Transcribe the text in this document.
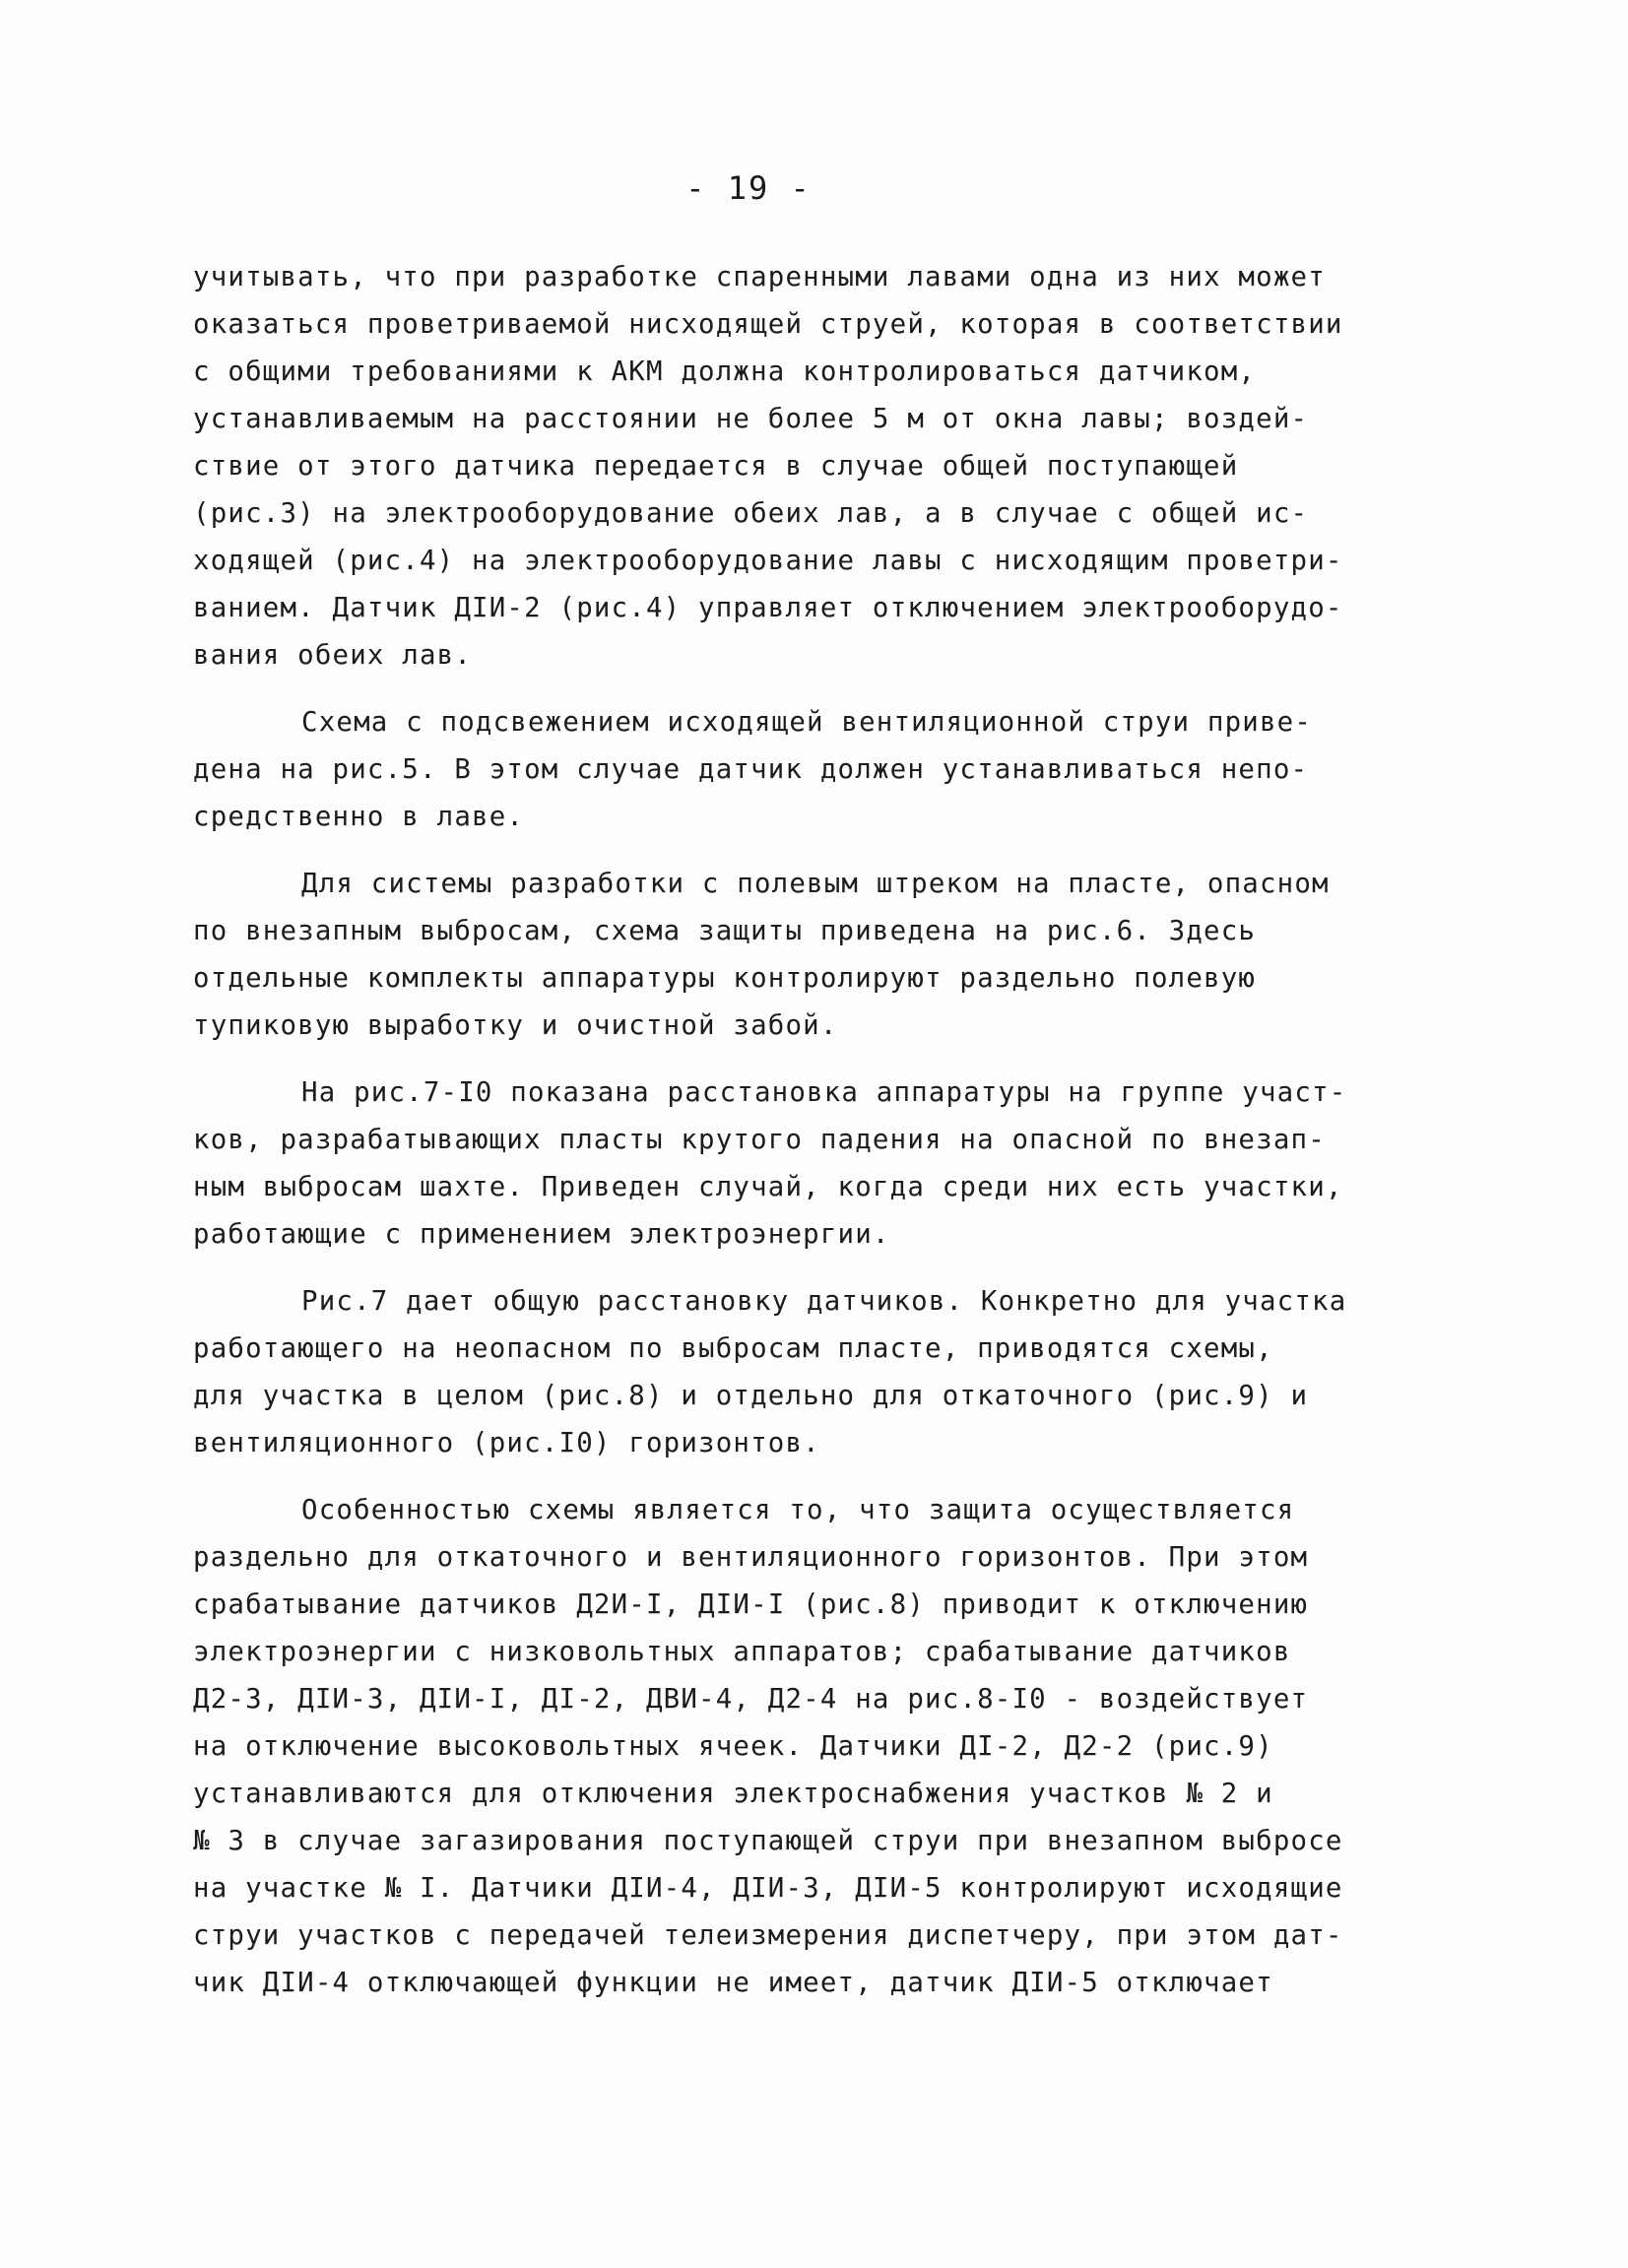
- 19 -
учитывать, что при разработке спаренными лавами одна из них может
оказаться проветриваемой нисходящей струей, которая в соответствии
с общими требованиями к АКМ должна контролироваться датчиком,
устанавливаемым на расстоянии не более 5 м от окна лавы; воздей-
ствие от этого датчика передается в случае общей поступающей
(рис.3) на электрооборудование обеих лав, а в случае с общей ис-
ходящей (рис.4) на электрооборудование лавы с нисходящим проветри-
ванием. Датчик ДIИ-2 (рис.4) управляет отключением электрооборудо-
вания обеих лав.
Схема с подсвежением исходящей вентиляционной струи приве-
дена на рис.5. В этом случае датчик должен устанавливаться непо-
средственно в лаве.
Для системы разработки с полевым штреком на пласте, опасном
по внезапным выбросам, схема защиты приведена на рис.6. Здесь
отдельные комплекты аппаратуры контролируют раздельно полевую
тупиковую выработку и очистной забой.
На рис.7-I0 показана расстановка аппаратуры на группе участ-
ков, разрабатывающих пласты крутого падения на опасной по внезап-
ным выбросам шахте. Приведен случай, когда среди них есть участки,
работающие с применением электроэнергии.
Рис.7 дает общую расстановку датчиков. Конкретно для участка
работающего на неопасном по выбросам пласте, приводятся схемы,
для участка в целом (рис.8) и отдельно для откаточного (рис.9) и
вентиляционного (рис.I0) горизонтов.
Особенностью схемы является то, что защита осуществляется
раздельно для откаточного и вентиляционного горизонтов. При этом
срабатывание датчиков Д2И-I, ДIИ-I (рис.8) приводит к отключению
электроэнергии с низковольтных аппаратов; срабатывание датчиков
Д2-3, ДIИ-3, ДIИ-I, ДI-2, ДВИ-4, Д2-4 на рис.8-I0 - воздействует
на отключение высоковольтных ячеек. Датчики ДI-2, Д2-2 (рис.9)
устанавливаются для отключения электроснабжения участков № 2 и
№ 3 в случае загазирования поступающей струи при внезапном выбросе
на участке № I. Датчики ДIИ-4, ДIИ-3, ДIИ-5 контролируют исходящие
струи участков с передачей телеизмерения диспетчеру, при этом дат-
чик ДIИ-4 отключающей функции не имеет, датчик ДIИ-5 отключает
